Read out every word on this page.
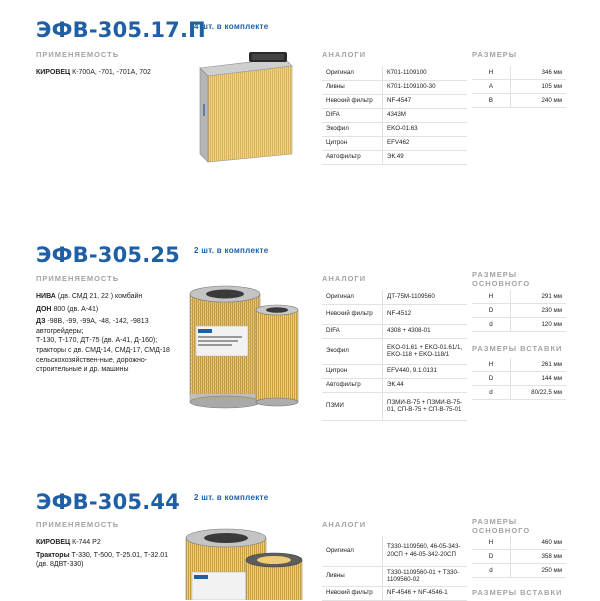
ЭФВ-305.17.П
4 шт. в комплекте
ПРИМЕНЯЕМОСТЬ	АНАЛОГИ	РАЗМЕРЫ
КИРОВЕЦ К-700А, -701, -701А, 702	Оригинал	К701-1109100
Ливны	К701-1109100-30
Невский фильтр	NF-4547
DIFA	4343М
Экофил	EKO-01.63
Цитрон	EFV462
Автофильтр	ЭК.49
H	346 мм
A	105 мм
B	240 мм
ЭФВ-305.25 2 шт. в комплекте
ПРИМЕНЯЕМОСТЬ	АНАЛОГИ	РАЗМЕРЫ ОСНОВНОГО
НИВА (дв. СМД 21, 22 ) комбайн
ДОН 800 (дв. А-41)
ДЗ -98В, -99, -99А, -48, -142, -9813 автогрейдеры;
Т-130, Т-170, ДТ-75 (дв. А-41, Д-160); тракторы с дв. СМД-14, СМД-17, СМД-18 сельскохозяйствен-ные, дорожно-строительные и др. машины
Оригинал	ДТ-75М-1109560
Невский фильтр	NF-4512
DIFA	4308 + 4308-01
Экофил	EKO-01.61 + EKO-01.61/1, EKO-118 + EKO-118/1
Цитрон	EFV440, 9.1.0131
Автофильтр	ЭК.44
ПЗМИ	ПЗМИ-В-75 + ПЗМИ-В-75-01, СП-В-75 + СП-В-75-01
H	291 мм
D	230 мм
d	120 мм
РАЗМЕРЫ ВСТАВКИ
H	261 мм
D	144 мм
d	80/22,5 мм
ЭФВ-305.44 2 шт. в комплекте
ПРИМЕНЯЕМОСТЬ	АНАЛОГИ	РАЗМЕРЫ ОСНОВНОГО
КИРОВЕЦ К-744 Р2
Тракторы Т-330, Т-500, Т-25.01, Т-32.01 (дв. 8ДВТ-330)
Оригинал	Т330-1109560, 46-05-343-20СП + 46-05-342-20СП
Ливны	Т330-1109560-01 + Т330-1109560-02
Невский фильтр	NF-4546 + NF-4546-1
H	460 мм
D	358 мм
d	250 мм
РАЗМЕРЫ ВСТАВКИ
